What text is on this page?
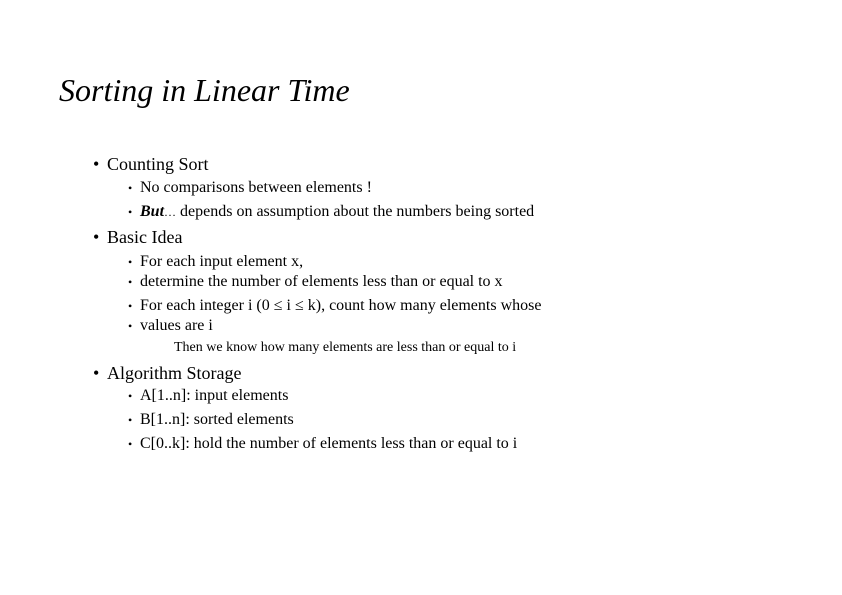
Sorting in Linear Time
• Counting Sort
• No comparisons between elements !
• But… depends on assumption about the numbers being sorted
• Basic Idea
• For each input element x,
• determine the number of elements less than or equal to x
• For each integer i (0 ≤ i ≤ k), count how many elements whose
• values are i
Then we know how many elements are less than or equal to i
• Algorithm Storage
• A[1..n]: input elements
• B[1..n]: sorted elements
• C[0..k]: hold the number of elements less than or equal to i
